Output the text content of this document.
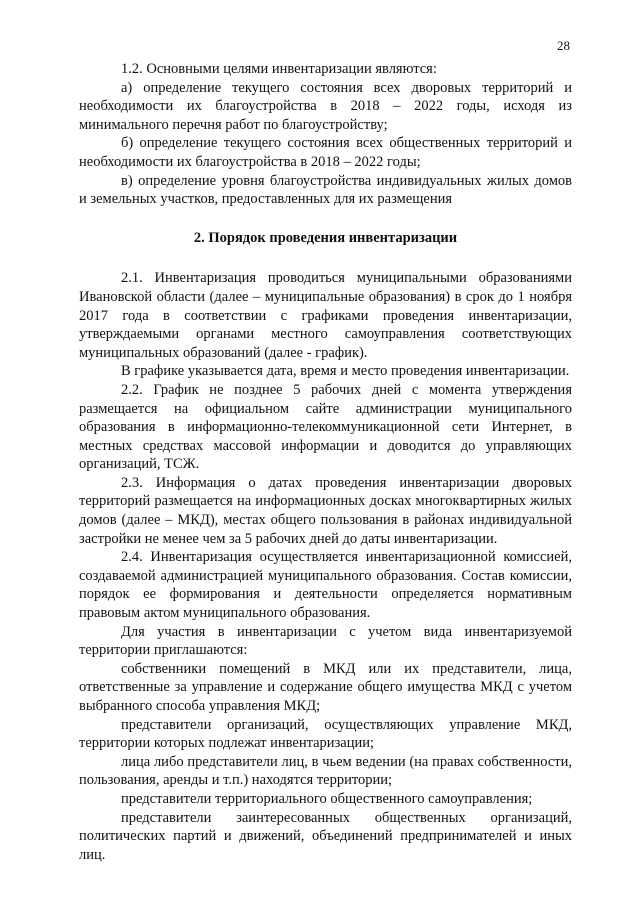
28

1.2. Основными целями инвентаризации являются:

а) определение текущего состояния всех дворовых территорий и необходимости их благоустройства в 2018 – 2022 годы, исходя из минимального перечня работ по благоустройству;

б) определение текущего состояния всех общественных территорий и необходимости их благоустройства в 2018 – 2022 годы;

в) определение уровня благоустройства индивидуальных жилых домов и земельных участков, предоставленных для их размещения

2. Порядок проведения инвентаризации

2.1. Инвентаризация проводиться муниципальными образованиями Ивановской области (далее – муниципальные образования) в срок до 1 ноября 2017 года в соответствии с графиками проведения инвентаризации, утверждаемыми органами местного самоуправления соответствующих муниципальных образований (далее - график).

В графике указывается дата, время и место проведения инвентаризации.

2.2. График не позднее 5 рабочих дней с момента утверждения размещается на официальном сайте администрации муниципального образования в информационно-телекоммуникационной сети Интернет, в местных средствах массовой информации и доводится до управляющих организаций, ТСЖ.

2.3. Информация о датах проведения инвентаризации дворовых территорий размещается на информационных досках многоквартирных жилых домов (далее – МКД), местах общего пользования в районах индивидуальной застройки не менее чем за 5 рабочих дней до даты инвентаризации.

2.4. Инвентаризация осуществляется инвентаризационной комиссией, создаваемой администрацией муниципального образования. Состав комиссии, порядок ее формирования и деятельности определяется нормативным правовым актом муниципального образования.

Для участия в инвентаризации с учетом вида инвентаризуемой территории приглашаются:

собственники помещений в МКД или их представители, лица, ответственные за управление и содержание общего имущества МКД с учетом выбранного способа управления МКД;

представители организаций, осуществляющих управление МКД, территории которых подлежат инвентаризации;

лица либо представители лиц, в чьем ведении (на правах собственности, пользования, аренды и т.п.) находятся территории;

представители территориального общественного самоуправления;

представители заинтересованных общественных организаций, политических партий и движений, объединений предпринимателей и иных лиц.
